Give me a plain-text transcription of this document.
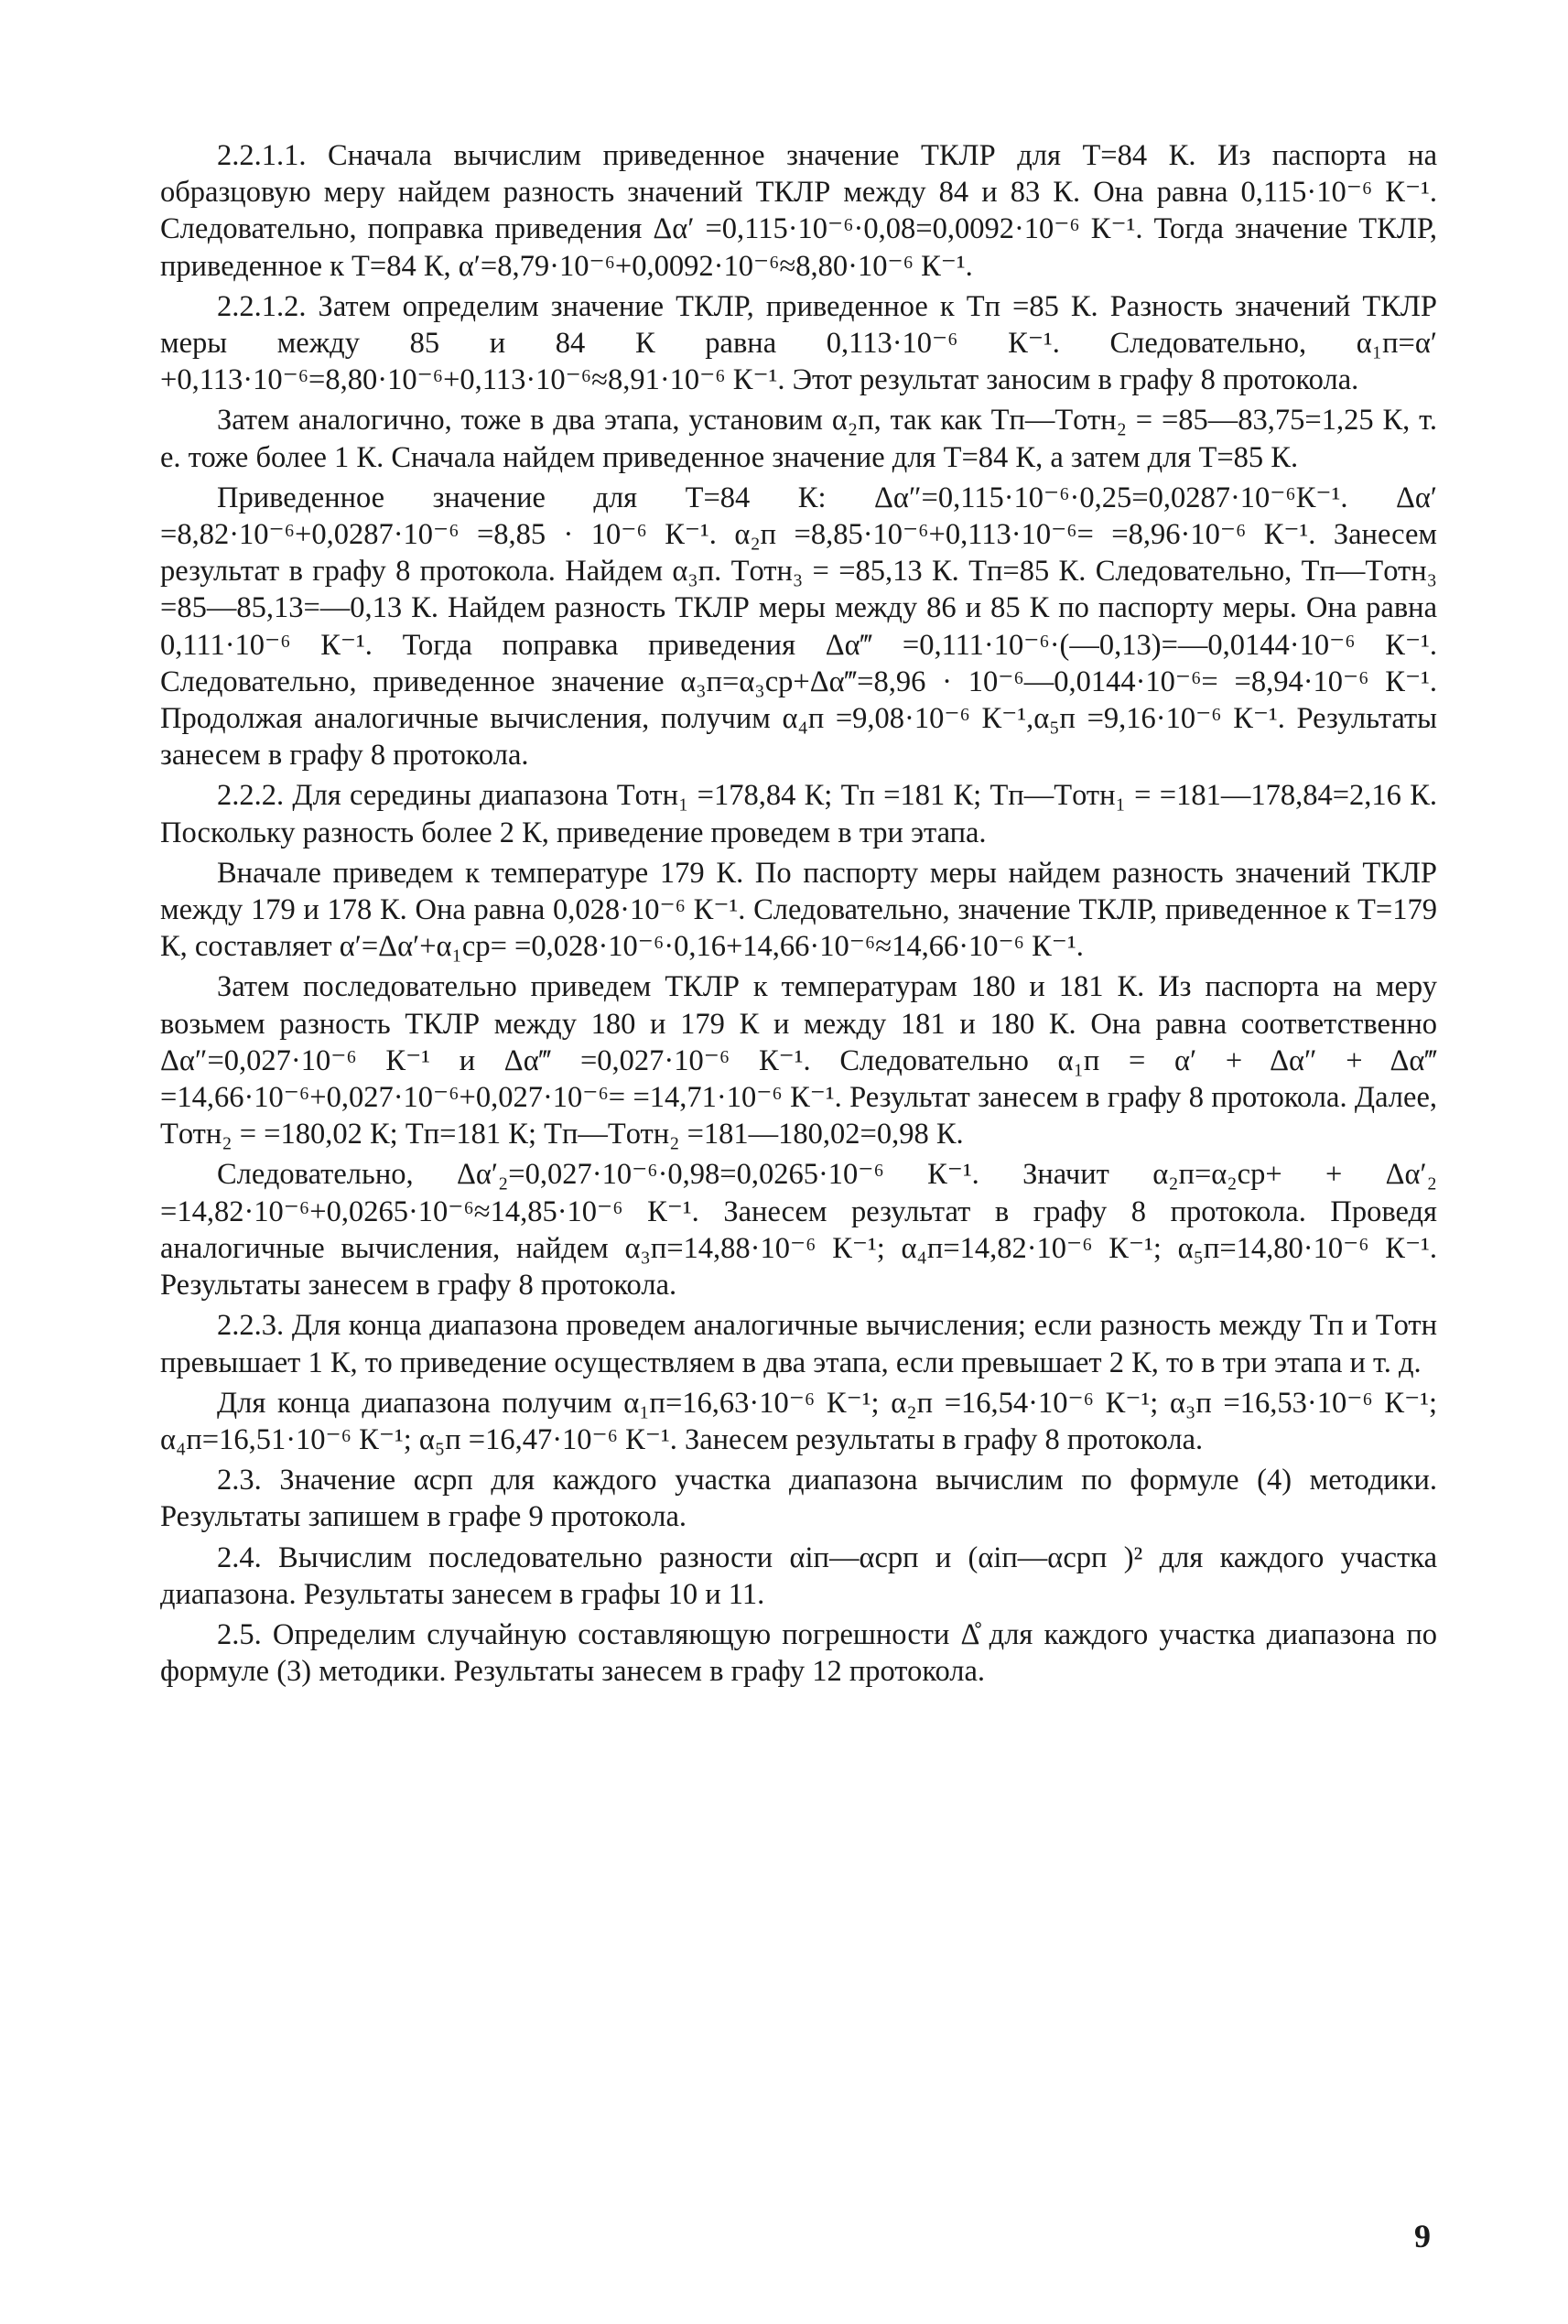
2.2.1.1. Сначала вычислим приведенное значение ТКЛР для T=84 К. Из паспорта на образцовую меру найдем разность значений ТКЛР между 84 и 83 К. Она равна 0,115·10⁻⁶ К⁻¹. Следовательно, поправка приведения Δα′ =0,115·10⁻⁶·0,08=0,0092·10⁻⁶ К⁻¹. Тогда значение ТКЛР, приведенное к Т=84 К, α′=8,79·10⁻⁶+0,0092·10⁻⁶≈8,80·10⁻⁶ К⁻¹.

2.2.1.2. Затем определим значение ТКЛР, приведенное к Tп =85 К. Разность значений ТКЛР меры между 85 и 84 К равна 0,113·10⁻⁶ К⁻¹. Следовательно, α₁п=α′+0,113·10⁻⁶=8,80·10⁻⁶+0,113·10⁻⁶≈8,91·10⁻⁶ К⁻¹. Этот результат заносим в графу 8 протокола.

Затем аналогично, тоже в два этапа, установим α₂п, так как Tп—Tотн₂ = =85—83,75=1,25 К, т. е. тоже более 1 К. Сначала найдем приведенное значение для T=84 К, а затем для T=85 К.

Приведенное значение для T=84 К: Δα″=0,115·10⁻⁶·0,25=0,0287·10⁻⁶К⁻¹. Δα′ =8,82·10⁻⁶+0,0287·10⁻⁶ =8,85 · 10⁻⁶ К⁻¹. α₂п =8,85·10⁻⁶+0,113·10⁻⁶= =8,96·10⁻⁶ К⁻¹. Занесем результат в графу 8 протокола. Найдем α₃п. Tотн₃ = =85,13 К. Tп=85 К. Следовательно, Tп—Tотн₃ =85—85,13=—0,13 К. Найдем разность ТКЛР меры между 86 и 85 К по паспорту меры. Она равна 0,111·10⁻⁶ К⁻¹. Тогда поправка приведения Δα‴ =0,111·10⁻⁶·(—0,13)=—0,0144·10⁻⁶ К⁻¹. Следовательно, приведенное значение α₃п=α₃ср+Δα‴=8,96 · 10⁻⁶—0,0144·10⁻⁶= =8,94·10⁻⁶ К⁻¹. Продолжая аналогичные вычисления, получим α₄п =9,08·10⁻⁶ К⁻¹,α₅п =9,16·10⁻⁶ К⁻¹. Результаты занесем в графу 8 протокола.

2.2.2. Для середины диапазона Tотн₁ =178,84 К; Tп =181 К; Tп—Tотн₁ = =181—178,84=2,16 К. Поскольку разность более 2 К, приведение проведем в три этапа.

Вначале приведем к температуре 179 К. По паспорту меры найдем разность значений ТКЛР между 179 и 178 К. Она равна 0,028·10⁻⁶ К⁻¹. Следовательно, значение ТКЛР, приведенное к T=179 К, составляет α′=Δα′+α₁ср= =0,028·10⁻⁶·0,16+14,66·10⁻⁶≈14,66·10⁻⁶ К⁻¹.

Затем последовательно приведем ТКЛР к температурам 180 и 181 К. Из паспорта на меру возьмем разность ТКЛР между 180 и 179 К и между 181 и 180 К. Она равна соответственно Δα″=0,027·10⁻⁶ К⁻¹ и Δα‴ =0,027·10⁻⁶ К⁻¹. Следовательно α₁п = α′ + Δα″ + Δα‴ =14,66·10⁻⁶+0,027·10⁻⁶+0,027·10⁻⁶= =14,71·10⁻⁶ К⁻¹. Результат занесем в графу 8 протокола. Далее, Tотн₂ = =180,02 К; Tп=181 К; Tп—Tотн₂ =181—180,02=0,98 К.

Следовательно, Δα′₂=0,027·10⁻⁶·0,98=0,0265·10⁻⁶ К⁻¹. Значит α₂п=α₂ср+ + Δα′₂ =14,82·10⁻⁶+0,0265·10⁻⁶≈14,85·10⁻⁶ К⁻¹. Занесем результат в графу 8 протокола. Проведя аналогичные вычисления, найдем α₃п=14,88·10⁻⁶ К⁻¹; α₄п=14,82·10⁻⁶ К⁻¹; α₅п=14,80·10⁻⁶ К⁻¹. Результаты занесем в графу 8 протокола.

2.2.3. Для конца диапазона проведем аналогичные вычисления; если разность между Tп и Tотн превышает 1 К, то приведение осуществляем в два этапа, если превышает 2 К, то в три этапа и т. д.

Для конца диапазона получим α₁п=16,63·10⁻⁶ К⁻¹; α₂п =16,54·10⁻⁶ К⁻¹; α₃п =16,53·10⁻⁶ К⁻¹; α₄п=16,51·10⁻⁶ К⁻¹; α₅п =16,47·10⁻⁶ К⁻¹. Занесем результаты в графу 8 протокола.

2.3. Значение αсрп для каждого участка диапазона вычислим по формуле (4) методики. Результаты запишем в графе 9 протокола.

2.4. Вычислим последовательно разности αiп—αсрп и (αiп—αсрп )² для каждого участка диапазона. Результаты занесем в графы 10 и 11.

2.5. Определим случайную составляющую погрешности Δ̊ для каждого участка диапазона по формуле (3) методики. Результаты занесем в графу 12 протокола.

9
